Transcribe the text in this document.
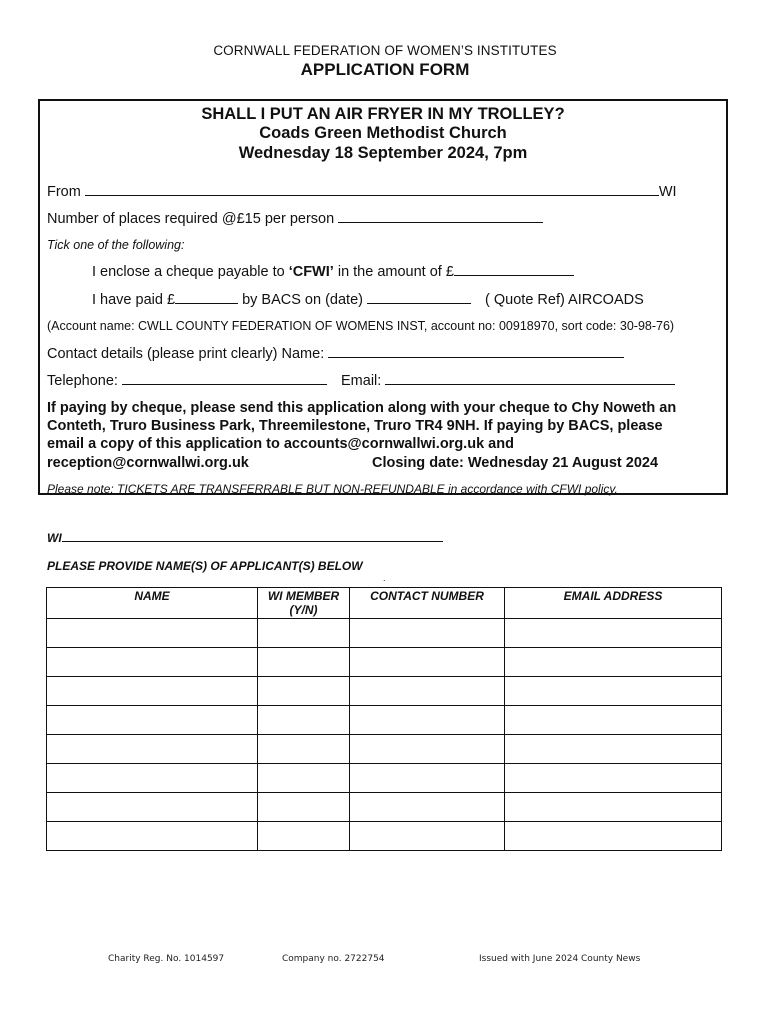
CORNWALL FEDERATION OF WOMEN’S INSTITUTES
APPLICATION FORM
SHALL I PUT AN AIR FRYER IN MY TROLLEY?
Coads Green Methodist Church
Wednesday 18 September 2024, 7pm
From	WI
Number of places required @£15 per person
Tick one of the following:
I enclose a cheque payable to ‘CFWI’ in the amount of £
I have paid £	by BACS on (date)	( Quote Ref) AIRCOADS
(Account name: CWLL COUNTY FEDERATION OF WOMENS INST, account no: 00918970, sort code: 30-98-76)
Contact details (please print clearly) Name:
Telephone:	Email:
If paying by cheque, please send this application along with your cheque to Chy Noweth an
Conteth, Truro Business Park, Threemilestone, Truro TR4 9NH. If paying by BACS, please
email a copy of this application to accounts@cornwallwi.org.uk and
reception@cornwallwi.org.uk	Closing date: Wednesday 21 August 2024
Please note: TICKETS ARE TRANSFERRABLE BUT NON-REFUNDABLE in accordance with CFWI policy.
WI
PLEASE PROVIDE NAME(S) OF APPLICANT(S) BELOW
.
NAME	WI MEMBER (Y/N)	CONTACT NUMBER	EMAIL ADDRESS

Charity Reg. No. 1014597	Company no. 2722754	Issued with June 2024 County News
